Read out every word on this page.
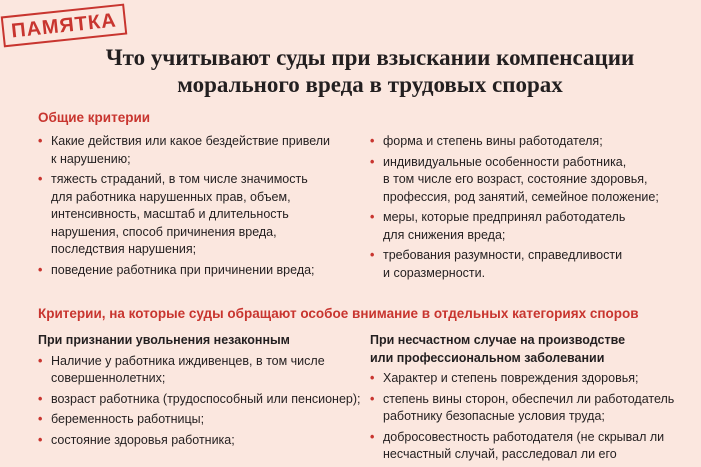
ПАМЯТКА
Что учитывают суды при взыскании компенсации
морального вреда в трудовых спорах
Общие критерии
• Какие действия или какое бездействие привели
к нарушению;
• тяжесть страданий, в том числе значимость
для работника нарушенных прав, объем,
интенсивность, масштаб и длительность
нарушения, способ причинения вреда,
последствия нарушения;
• поведение работника при причинении вреда;
• форма и степень вины работодателя;
• индивидуальные особенности работника,
в том числе его возраст, состояние здоровья,
профессия, род занятий, семейное положение;
• меры, которые предпринял работодатель
для снижения вреда;
• требования разумности, справедливости
и соразмерности.
Критерии, на которые суды обращают особое внимание в отдельных категориях споров
При признании увольнения незаконным
• Наличие у работника иждивенцев, в том числе
совершеннолетних;
• возраст работника (трудоспособный или пенсионер);
• беременность работницы;
• состояние здоровья работника;
При несчастном случае на производстве
или профессиональном заболевании
• Характер и степень повреждения здоровья;
• степень вины сторон, обеспечил ли работодатель
работнику безопасные условия труда;
• добросовестность работодателя (не скрывал ли
несчастный случай, расследовал ли его
